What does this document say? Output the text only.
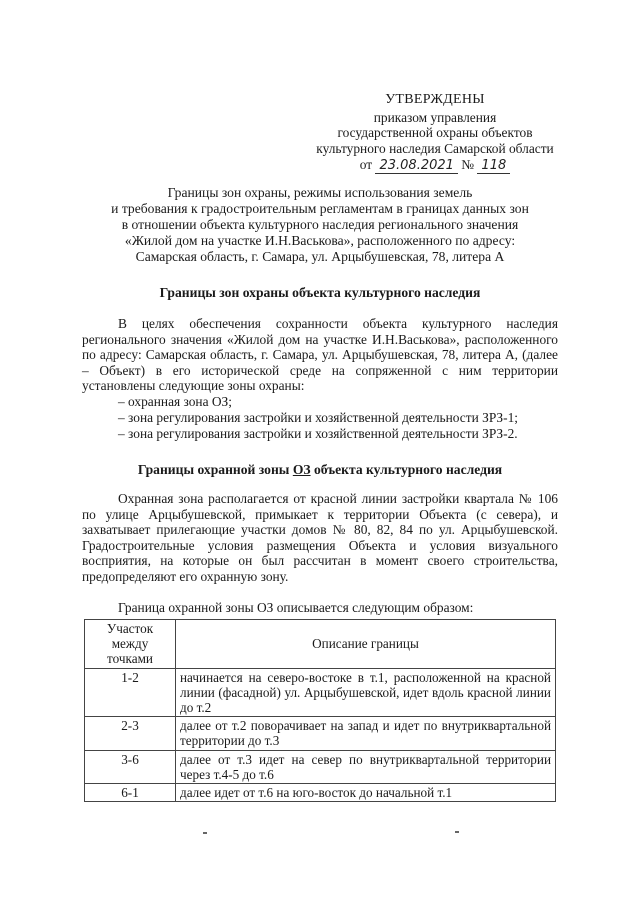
УТВЕРЖДЕНЫ
приказом управления
государственной охраны объектов
культурного наследия Самарской области
от 23.08.2021 № 118
Границы зон охраны, режимы использования земель
и требования к градостроительным регламентам в границах данных зон
в отношении объекта культурного наследия регионального значения
«Жилой дом на участке И.Н.Васькова», расположенного по адресу:
Самарская область, г. Самара, ул. Арцыбушевская, 78, литера А
Границы зон охраны объекта культурного наследия
В целях обеспечения сохранности объекта культурного наследия регионального значения «Жилой дом на участке И.Н.Васькова», расположенного по адресу: Самарская область, г. Самара, ул. Арцыбушевская, 78, литера А, (далее – Объект) в его исторической среде на сопряженной с ним территории установлены следующие зоны охраны:
– охранная зона ОЗ;
– зона регулирования застройки и хозяйственной деятельности ЗРЗ-1;
– зона регулирования застройки и хозяйственной деятельности ЗРЗ-2.
Границы охранной зоны ОЗ объекта культурного наследия
Охранная зона располагается от красной линии застройки квартала № 106 по улице Арцыбушевской, примыкает к территории Объекта (с севера), и захватывает прилегающие участки домов № 80, 82, 84 по ул. Арцыбушевской. Градостроительные условия размещения Объекта и условия визуального восприятия, на которые он был рассчитан в момент своего строительства, предопределяют его охранную зону.
Граница охранной зоны ОЗ описывается следующим образом:
Участок между точками	Описание границы
1-2	начинается на северо-востоке в т.1, расположенной на красной линии (фасадной) ул. Арцыбушевской, идет вдоль красной линии до т.2
2-3	далее от т.2 поворачивает на запад и идет по внутриквартальной территории до т.3
3-6	далее от т.3 идет на север по внутриквартальной территории через т.4-5 до т.6
6-1	далее идет от т.6 на юго-восток до начальной т.1
